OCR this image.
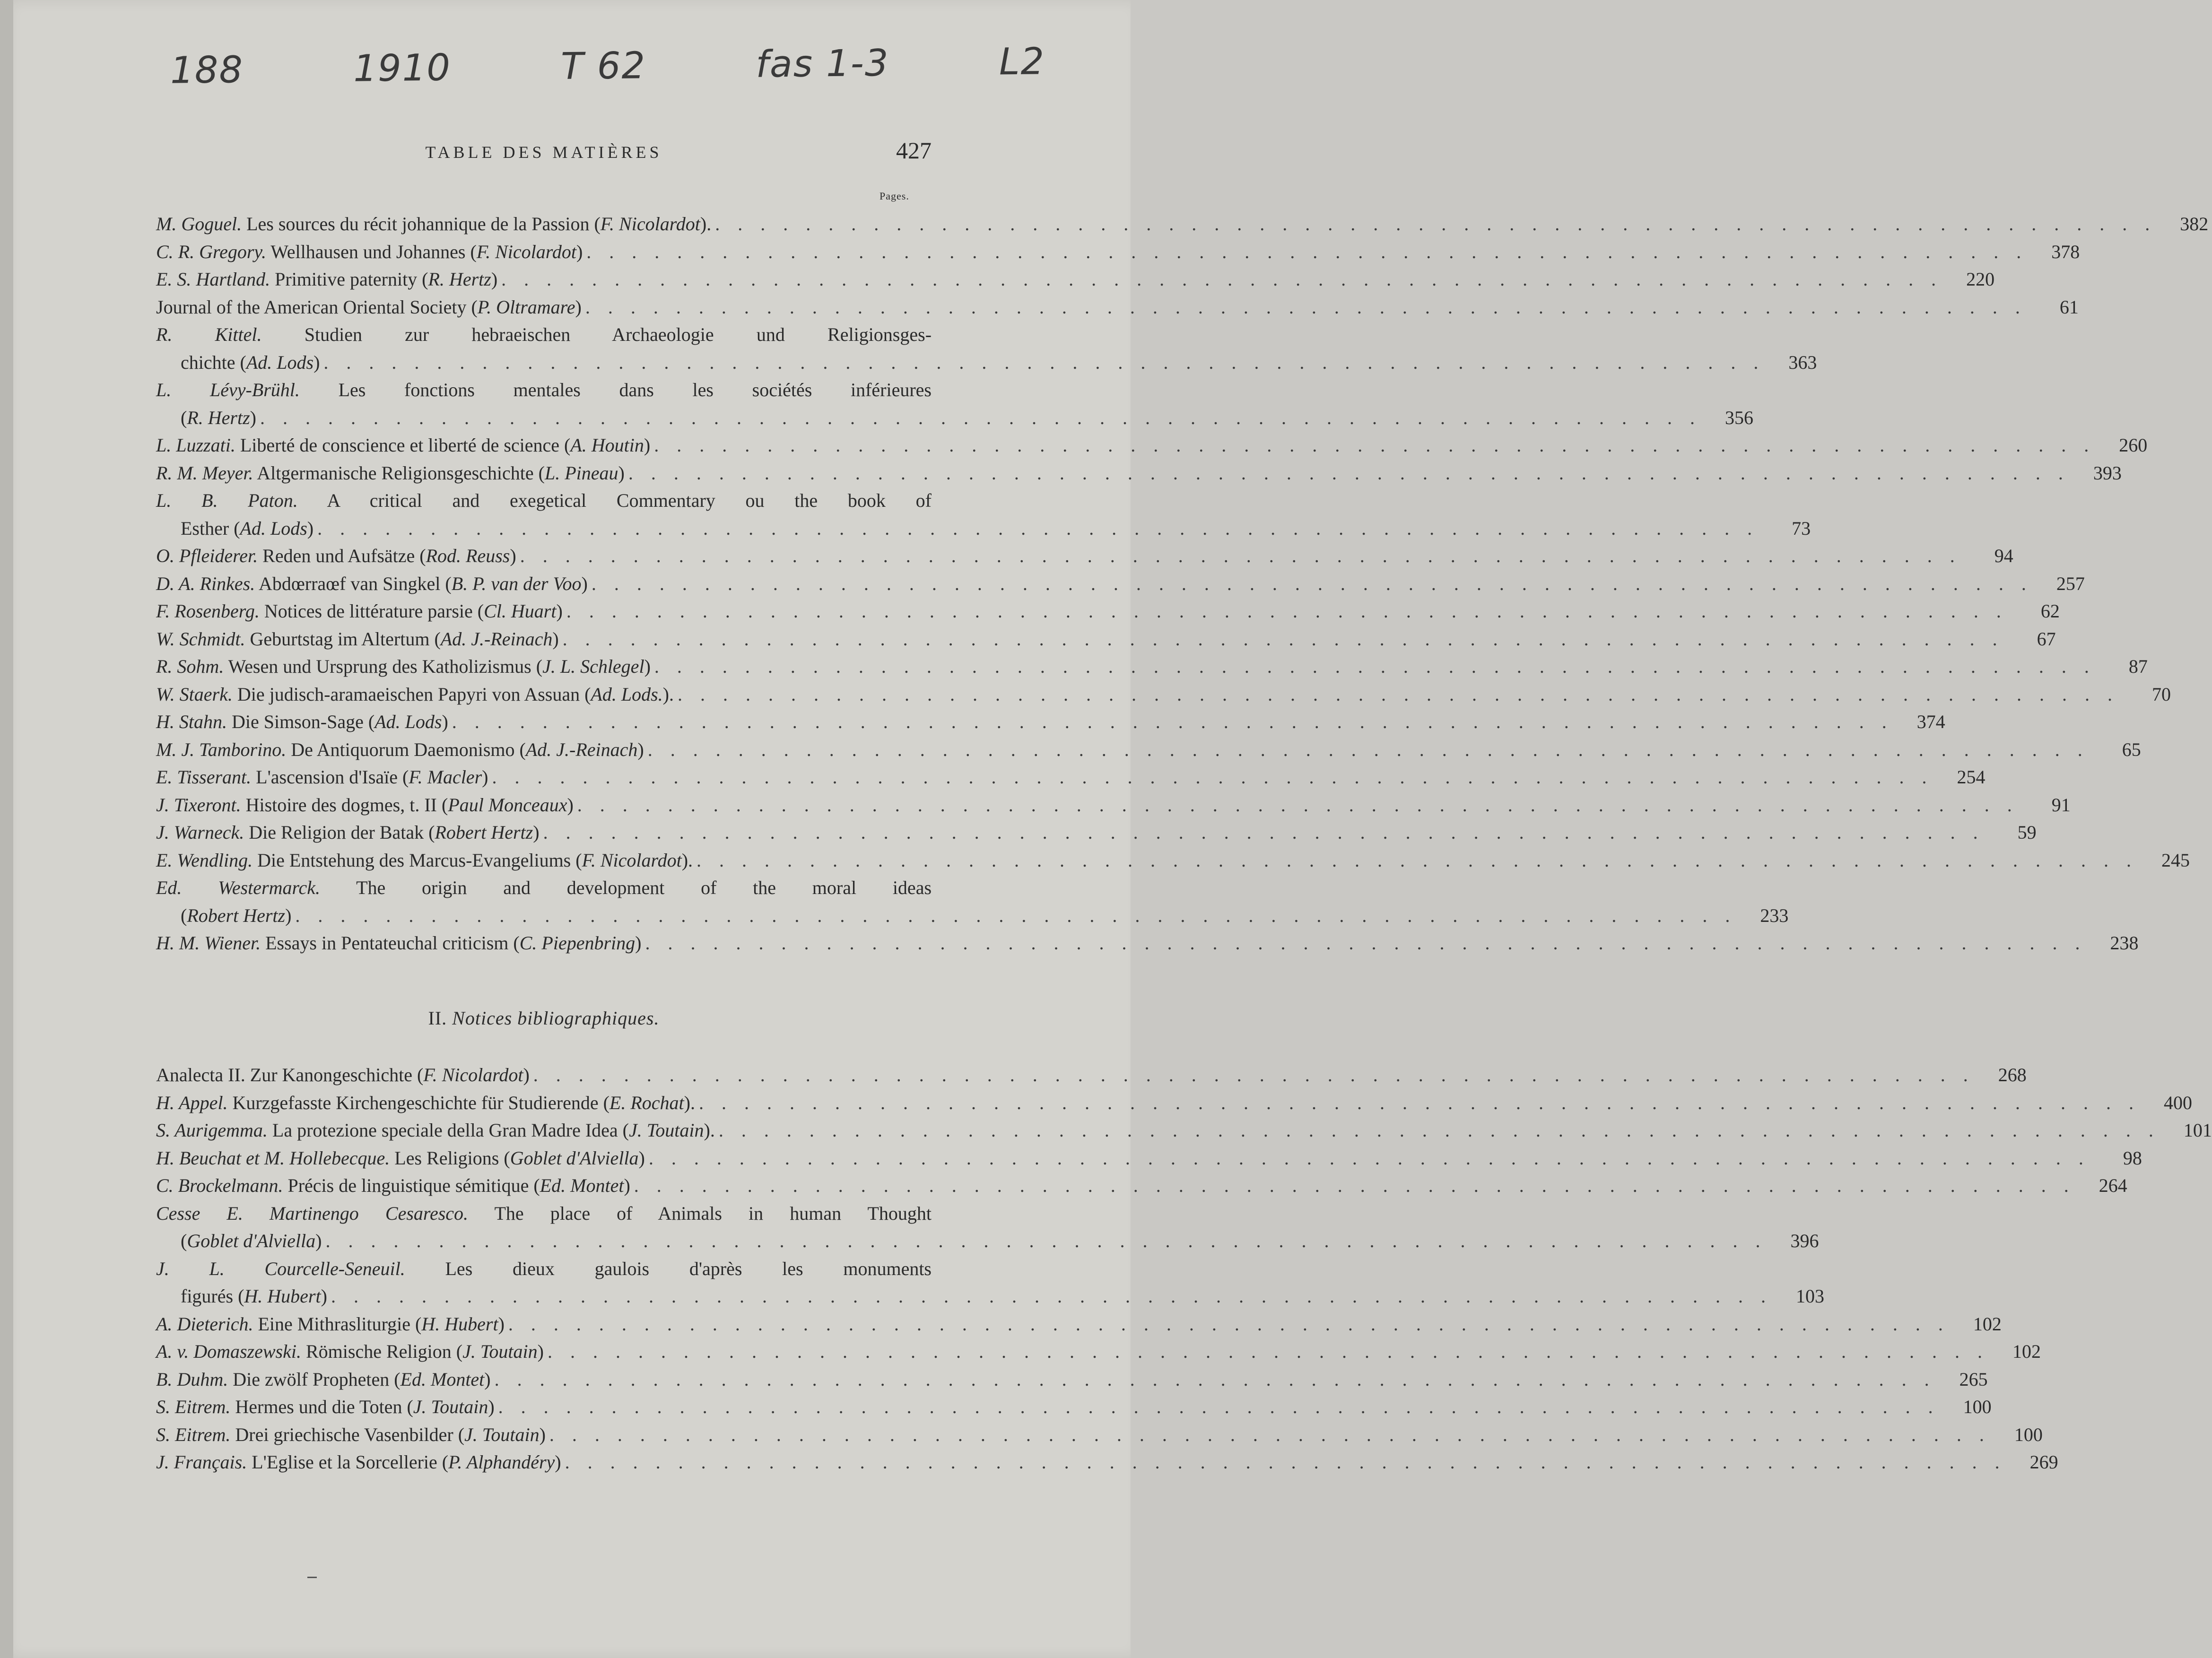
188	1910	T 62	fas 1-3	L2
TABLE DES MATIÈRES	427
Pages.
M. Goguel. Les sources du récit johannique de la Passion (F. Nicolardot). . . . . . . . . . . . . . . . . . . . . . . . . . . . . . . . . . . . . . . . . . . . . . . . . . . . . . . . . . . . . . . . .	382
C. R. Gregory. Wellhausen und Johannes (F. Nicolardot) . . . . . . . . . . . . . . . . . . . . . . . . . . . . . . . . . . . . . . . . . . . . . . . . . . . . . . . . . . . . . . . .	378
E. S. Hartland. Primitive paternity (R. Hertz) . . . . . . . . . . . . . . . . . . . . . . . . . . . . . . . . . . . . . . . . . . . . . . . . . . . . . . . . . . . . . . . .	220
Journal of the American Oriental Society (P. Oltramare) . . . . . . . . . . . . . . . . . . . . . . . . . . . . . . . . . . . . . . . . . . . . . . . . . . . . . . . . . . . . . . . .	61
R. Kittel. Studien zur hebraeischen Archaeologie und Religionsges-
chichte (Ad. Lods) . . . . . . . . . . . . . . . . . . . . . . . . . . . . . . . . . . . . . . . . . . . . . . . . . . . . . . . . . . . . . . . .	363
L. Lévy-Brühl. Les fonctions mentales dans les sociétés inférieures
(R. Hertz) . . . . . . . . . . . . . . . . . . . . . . . . . . . . . . . . . . . . . . . . . . . . . . . . . . . . . . . . . . . . . . . .	356
L. Luzzati. Liberté de conscience et liberté de science (A. Houtin) . . . . . . . . . . . . . . . . . . . . . . . . . . . . . . . . . . . . . . . . . . . . . . . . . . . . . . . . . . . . . . . .	260
R. M. Meyer. Altgermanische Religionsgeschichte (L. Pineau) . . . . . . . . . . . . . . . . . . . . . . . . . . . . . . . . . . . . . . . . . . . . . . . . . . . . . . . . . . . . . . . .	393
L. B. Paton. A critical and exegetical Commentary ou the book of
Esther (Ad. Lods) . . . . . . . . . . . . . . . . . . . . . . . . . . . . . . . . . . . . . . . . . . . . . . . . . . . . . . . . . . . . . . . .	73
O. Pfleiderer. Reden und Aufsätze (Rod. Reuss) . . . . . . . . . . . . . . . . . . . . . . . . . . . . . . . . . . . . . . . . . . . . . . . . . . . . . . . . . . . . . . . .	94
D. A. Rinkes. Abdœrraœf van Singkel (B. P. van der Voo) . . . . . . . . . . . . . . . . . . . . . . . . . . . . . . . . . . . . . . . . . . . . . . . . . . . . . . . . . . . . . . . .	257
F. Rosenberg. Notices de littérature parsie (Cl. Huart) . . . . . . . . . . . . . . . . . . . . . . . . . . . . . . . . . . . . . . . . . . . . . . . . . . . . . . . . . . . . . . . .	62
W. Schmidt. Geburtstag im Altertum (Ad. J.-Reinach) . . . . . . . . . . . . . . . . . . . . . . . . . . . . . . . . . . . . . . . . . . . . . . . . . . . . . . . . . . . . . . . .	67
R. Sohm. Wesen und Ursprung des Katholizismus (J. L. Schlegel) . . . . . . . . . . . . . . . . . . . . . . . . . . . . . . . . . . . . . . . . . . . . . . . . . . . . . . . . . . . . . . . .	87
W. Staerk. Die judisch-aramaeischen Papyri von Assuan (Ad. Lods.). . . . . . . . . . . . . . . . . . . . . . . . . . . . . . . . . . . . . . . . . . . . . . . . . . . . . . . . . . . . . . . . .	70
H. Stahn. Die Simson-Sage (Ad. Lods) . . . . . . . . . . . . . . . . . . . . . . . . . . . . . . . . . . . . . . . . . . . . . . . . . . . . . . . . . . . . . . . .	374
M. J. Tamborino. De Antiquorum Daemonismo (Ad. J.-Reinach) . . . . . . . . . . . . . . . . . . . . . . . . . . . . . . . . . . . . . . . . . . . . . . . . . . . . . . . . . . . . . . . .	65
E. Tisserant. L'ascension d'Isaïe (F. Macler) . . . . . . . . . . . . . . . . . . . . . . . . . . . . . . . . . . . . . . . . . . . . . . . . . . . . . . . . . . . . . . . .	254
J. Tixeront. Histoire des dogmes, t. II (Paul Monceaux) . . . . . . . . . . . . . . . . . . . . . . . . . . . . . . . . . . . . . . . . . . . . . . . . . . . . . . . . . . . . . . . .	91
J. Warneck. Die Religion der Batak (Robert Hertz) . . . . . . . . . . . . . . . . . . . . . . . . . . . . . . . . . . . . . . . . . . . . . . . . . . . . . . . . . . . . . . . .	59
E. Wendling. Die Entstehung des Marcus-Evangeliums (F. Nicolardot). . . . . . . . . . . . . . . . . . . . . . . . . . . . . . . . . . . . . . . . . . . . . . . . . . . . . . . . . . . . . . . . .	245
Ed. Westermarck. The origin and development of the moral ideas
(Robert Hertz) . . . . . . . . . . . . . . . . . . . . . . . . . . . . . . . . . . . . . . . . . . . . . . . . . . . . . . . . . . . . . . . .	233
H. M. Wiener. Essays in Pentateuchal criticism (C. Piepenbring) . . . . . . . . . . . . . . . . . . . . . . . . . . . . . . . . . . . . . . . . . . . . . . . . . . . . . . . . . . . . . . . .	238
II. Notices bibliographiques.
Analecta II. Zur Kanongeschichte (F. Nicolardot) . . . . . . . . . . . . . . . . . . . . . . . . . . . . . . . . . . . . . . . . . . . . . . . . . . . . . . . . . . . . . . . .	268
H. Appel. Kurzgefasste Kirchengeschichte für Studierende (E. Rochat). . . . . . . . . . . . . . . . . . . . . . . . . . . . . . . . . . . . . . . . . . . . . . . . . . . . . . . . . . . . . . . . .	400
S. Aurigemma. La protezione speciale della Gran Madre Idea (J. Toutain). . . . . . . . . . . . . . . . . . . . . . . . . . . . . . . . . . . . . . . . . . . . . . . . . . . . . . . . . . . . . . . . .	101
H. Beuchat et M. Hollebecque. Les Religions (Goblet d'Alviella) . . . . . . . . . . . . . . . . . . . . . . . . . . . . . . . . . . . . . . . . . . . . . . . . . . . . . . . . . . . . . . . .	98
C. Brockelmann. Précis de linguistique sémitique (Ed. Montet) . . . . . . . . . . . . . . . . . . . . . . . . . . . . . . . . . . . . . . . . . . . . . . . . . . . . . . . . . . . . . . . .	264
Cesse E. Martinengo Cesaresco. The place of Animals in human Thought
(Goblet d'Alviella) . . . . . . . . . . . . . . . . . . . . . . . . . . . . . . . . . . . . . . . . . . . . . . . . . . . . . . . . . . . . . . . .	396
J. L. Courcelle-Seneuil. Les dieux gaulois d'après les monuments
figurés (H. Hubert) . . . . . . . . . . . . . . . . . . . . . . . . . . . . . . . . . . . . . . . . . . . . . . . . . . . . . . . . . . . . . . . .	103
A. Dieterich. Eine Mithrasliturgie (H. Hubert) . . . . . . . . . . . . . . . . . . . . . . . . . . . . . . . . . . . . . . . . . . . . . . . . . . . . . . . . . . . . . . . .	102
A. v. Domaszewski. Römische Religion (J. Toutain) . . . . . . . . . . . . . . . . . . . . . . . . . . . . . . . . . . . . . . . . . . . . . . . . . . . . . . . . . . . . . . . .	102
B. Duhm. Die zwölf Propheten (Ed. Montet) . . . . . . . . . . . . . . . . . . . . . . . . . . . . . . . . . . . . . . . . . . . . . . . . . . . . . . . . . . . . . . . .	265
S. Eitrem. Hermes und die Toten (J. Toutain) . . . . . . . . . . . . . . . . . . . . . . . . . . . . . . . . . . . . . . . . . . . . . . . . . . . . . . . . . . . . . . . .	100
S. Eitrem. Drei griechische Vasenbilder (J. Toutain) . . . . . . . . . . . . . . . . . . . . . . . . . . . . . . . . . . . . . . . . . . . . . . . . . . . . . . . . . . . . . . . .	100
J. Français. L'Eglise et la Sorcellerie (P. Alphandéry) . . . . . . . . . . . . . . . . . . . . . . . . . . . . . . . . . . . . . . . . . . . . . . . . . . . . . . . . . . . . . . . .	269
